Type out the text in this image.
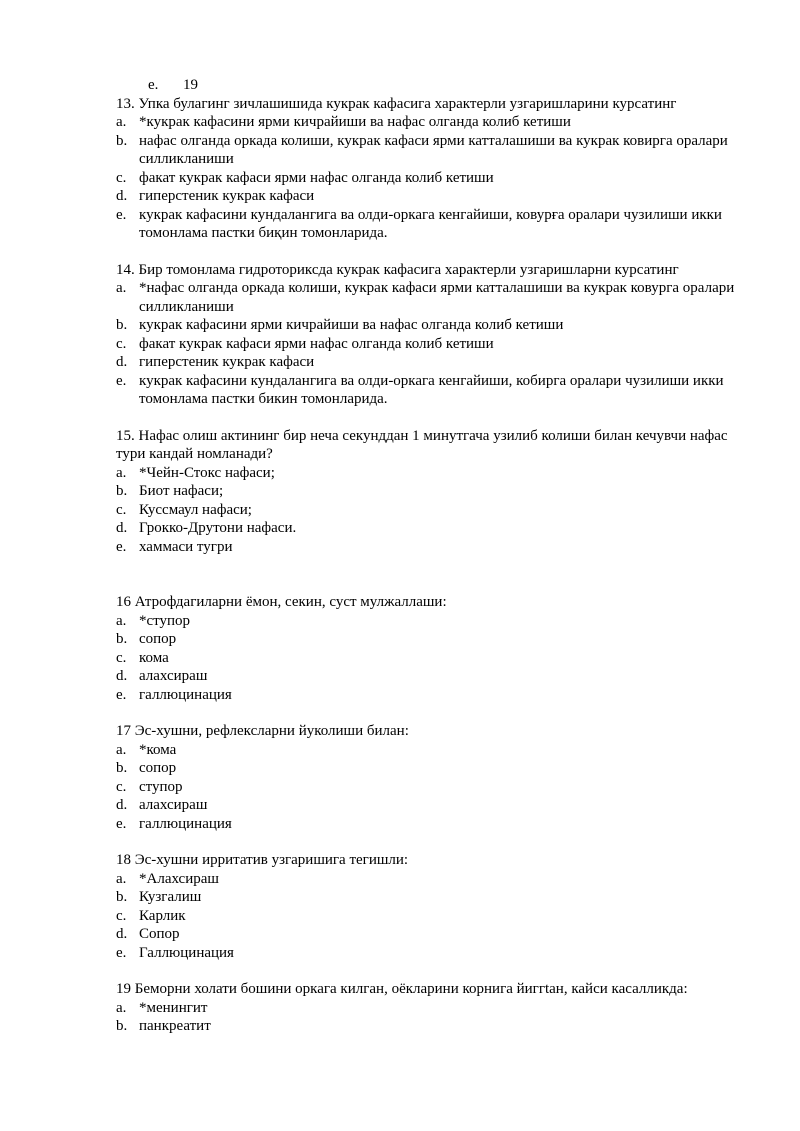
e.	19
13. Упка булагинг зичлашишида кукрак кафасига характерли узгаришларини курсатинг
a. *кукрак кафасини ярми кичрайиши ва нафас олганда колиб кетиши
b. нафас олганда оркада колиши, кукрак кафаси ярми катталашиши ва кукрак ковирга оралари силликланиши
c. факат кукрак кафаси ярми нафас олганда колиб кетиши
d. гиперстеник кукрак кафаси
e. кукрак кафасини кундалангига ва олди-оркага кенгайиши, ковурға оралари чузилиши икки томонлама пастки биқин томонларида.
14. Бир томонлама гидроториксда кукрак кафасига характерли узгаришларни курсатинг
a. *нафас олганда оркада колиши, кукрак кафаси ярми катталашиши ва кукрак ковурга оралари силликланиши
b. кукрак кафасини ярми кичрайиши ва нафас олганда колиб кетиши
c. факат кукрак кафаси ярми нафас олганда колиб кетиши
d. гиперстеник кукрак кафаси
e. кукрак кафасини кундалангига ва олди-оркага кенгайиши, кобирга оралари чузилиши икки томонлама пастки бикин томонларида.
15. Нафас олиш актининг бир неча секунддан 1 минутгача узилиб колиши билан кечувчи нафас тури кандай номланади?
a. *Чейн-Стокс нафаси;
b. Биот нафаси;
c. Куссмаул нафаси;
d. Грокко-Друтони нафаси.
e. хаммаси тугри
16 Атрофдагиларни ёмон, секин, суст мулжаллаши:
a. *ступор
b. сопор
c. кома
d. алахсираш
e. галлюцинация
17 Эс-хушни, рефлексларни йуколиши билан:
a. *кома
b. сопор
c. ступор
d. алахсираш
e. галлюцинация
18 Эс-хушни ирритатив узгаришига тегишли:
a. *Алахсираш
b. Кузгалиш
c. Карлик
d. Сопор
e. Галлюцинация
19 Беморни холати бошини оркага килган, оёкларини корнига йиггtан, кайси касалликда:
a. *менингит
b. панкреатит
